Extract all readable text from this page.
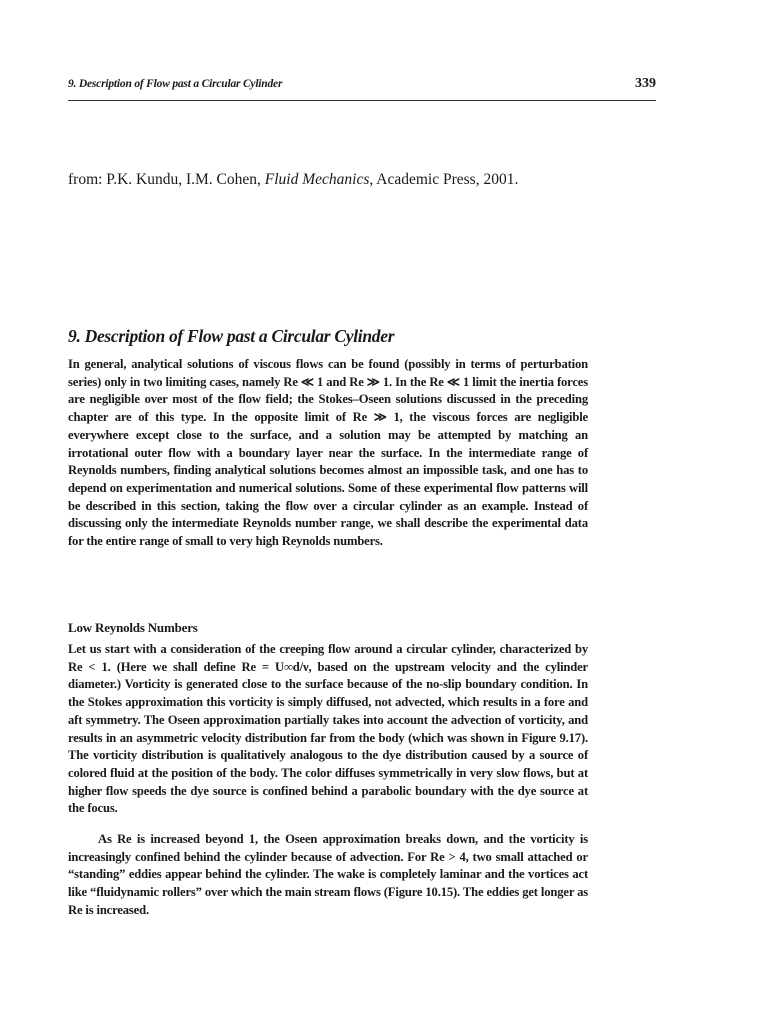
9. Description of Flow past a Circular Cylinder	339
from: P.K. Kundu, I.M. Cohen, Fluid Mechanics, Academic Press, 2001.
9. Description of Flow past a Circular Cylinder

In general, analytical solutions of viscous flows can be found (possibly in terms of perturbation series) only in two limiting cases, namely Re ≪ 1 and Re ≫ 1. In the Re ≪ 1 limit the inertia forces are negligible over most of the flow field; the Stokes–Oseen solutions discussed in the preceding chapter are of this type. In the opposite limit of Re ≫ 1, the viscous forces are negligible everywhere except close to the surface, and a solution may be attempted by matching an irrotational outer flow with a boundary layer near the surface. In the intermediate range of Reynolds numbers, finding analytical solutions becomes almost an impossible task, and one has to depend on experimentation and numerical solutions. Some of these experimental flow patterns will be described in this section, taking the flow over a circular cylinder as an example. Instead of discussing only the intermediate Reynolds number range, we shall describe the experimental data for the entire range of small to very high Reynolds numbers.

Low Reynolds Numbers

Let us start with a consideration of the creeping flow around a circular cylinder, characterized by Re < 1. (Here we shall define Re = U∞d/ν, based on the upstream velocity and the cylinder diameter.) Vorticity is generated close to the surface because of the no-slip boundary condition. In the Stokes approximation this vorticity is simply diffused, not advected, which results in a fore and aft symmetry. The Oseen approximation partially takes into account the advection of vorticity, and results in an asymmetric velocity distribution far from the body (which was shown in Figure 9.17). The vorticity distribution is qualitatively analogous to the dye distribution caused by a source of colored fluid at the position of the body. The color diffuses symmetrically in very slow flows, but at higher flow speeds the dye source is confined behind a parabolic boundary with the dye source at the focus.

As Re is increased beyond 1, the Oseen approximation breaks down, and the vorticity is increasingly confined behind the cylinder because of advection. For Re > 4, two small attached or “standing” eddies appear behind the cylinder. The wake is completely laminar and the vortices act like “fluidynamic rollers” over which the main stream flows (Figure 10.15). The eddies get longer as Re is increased.
